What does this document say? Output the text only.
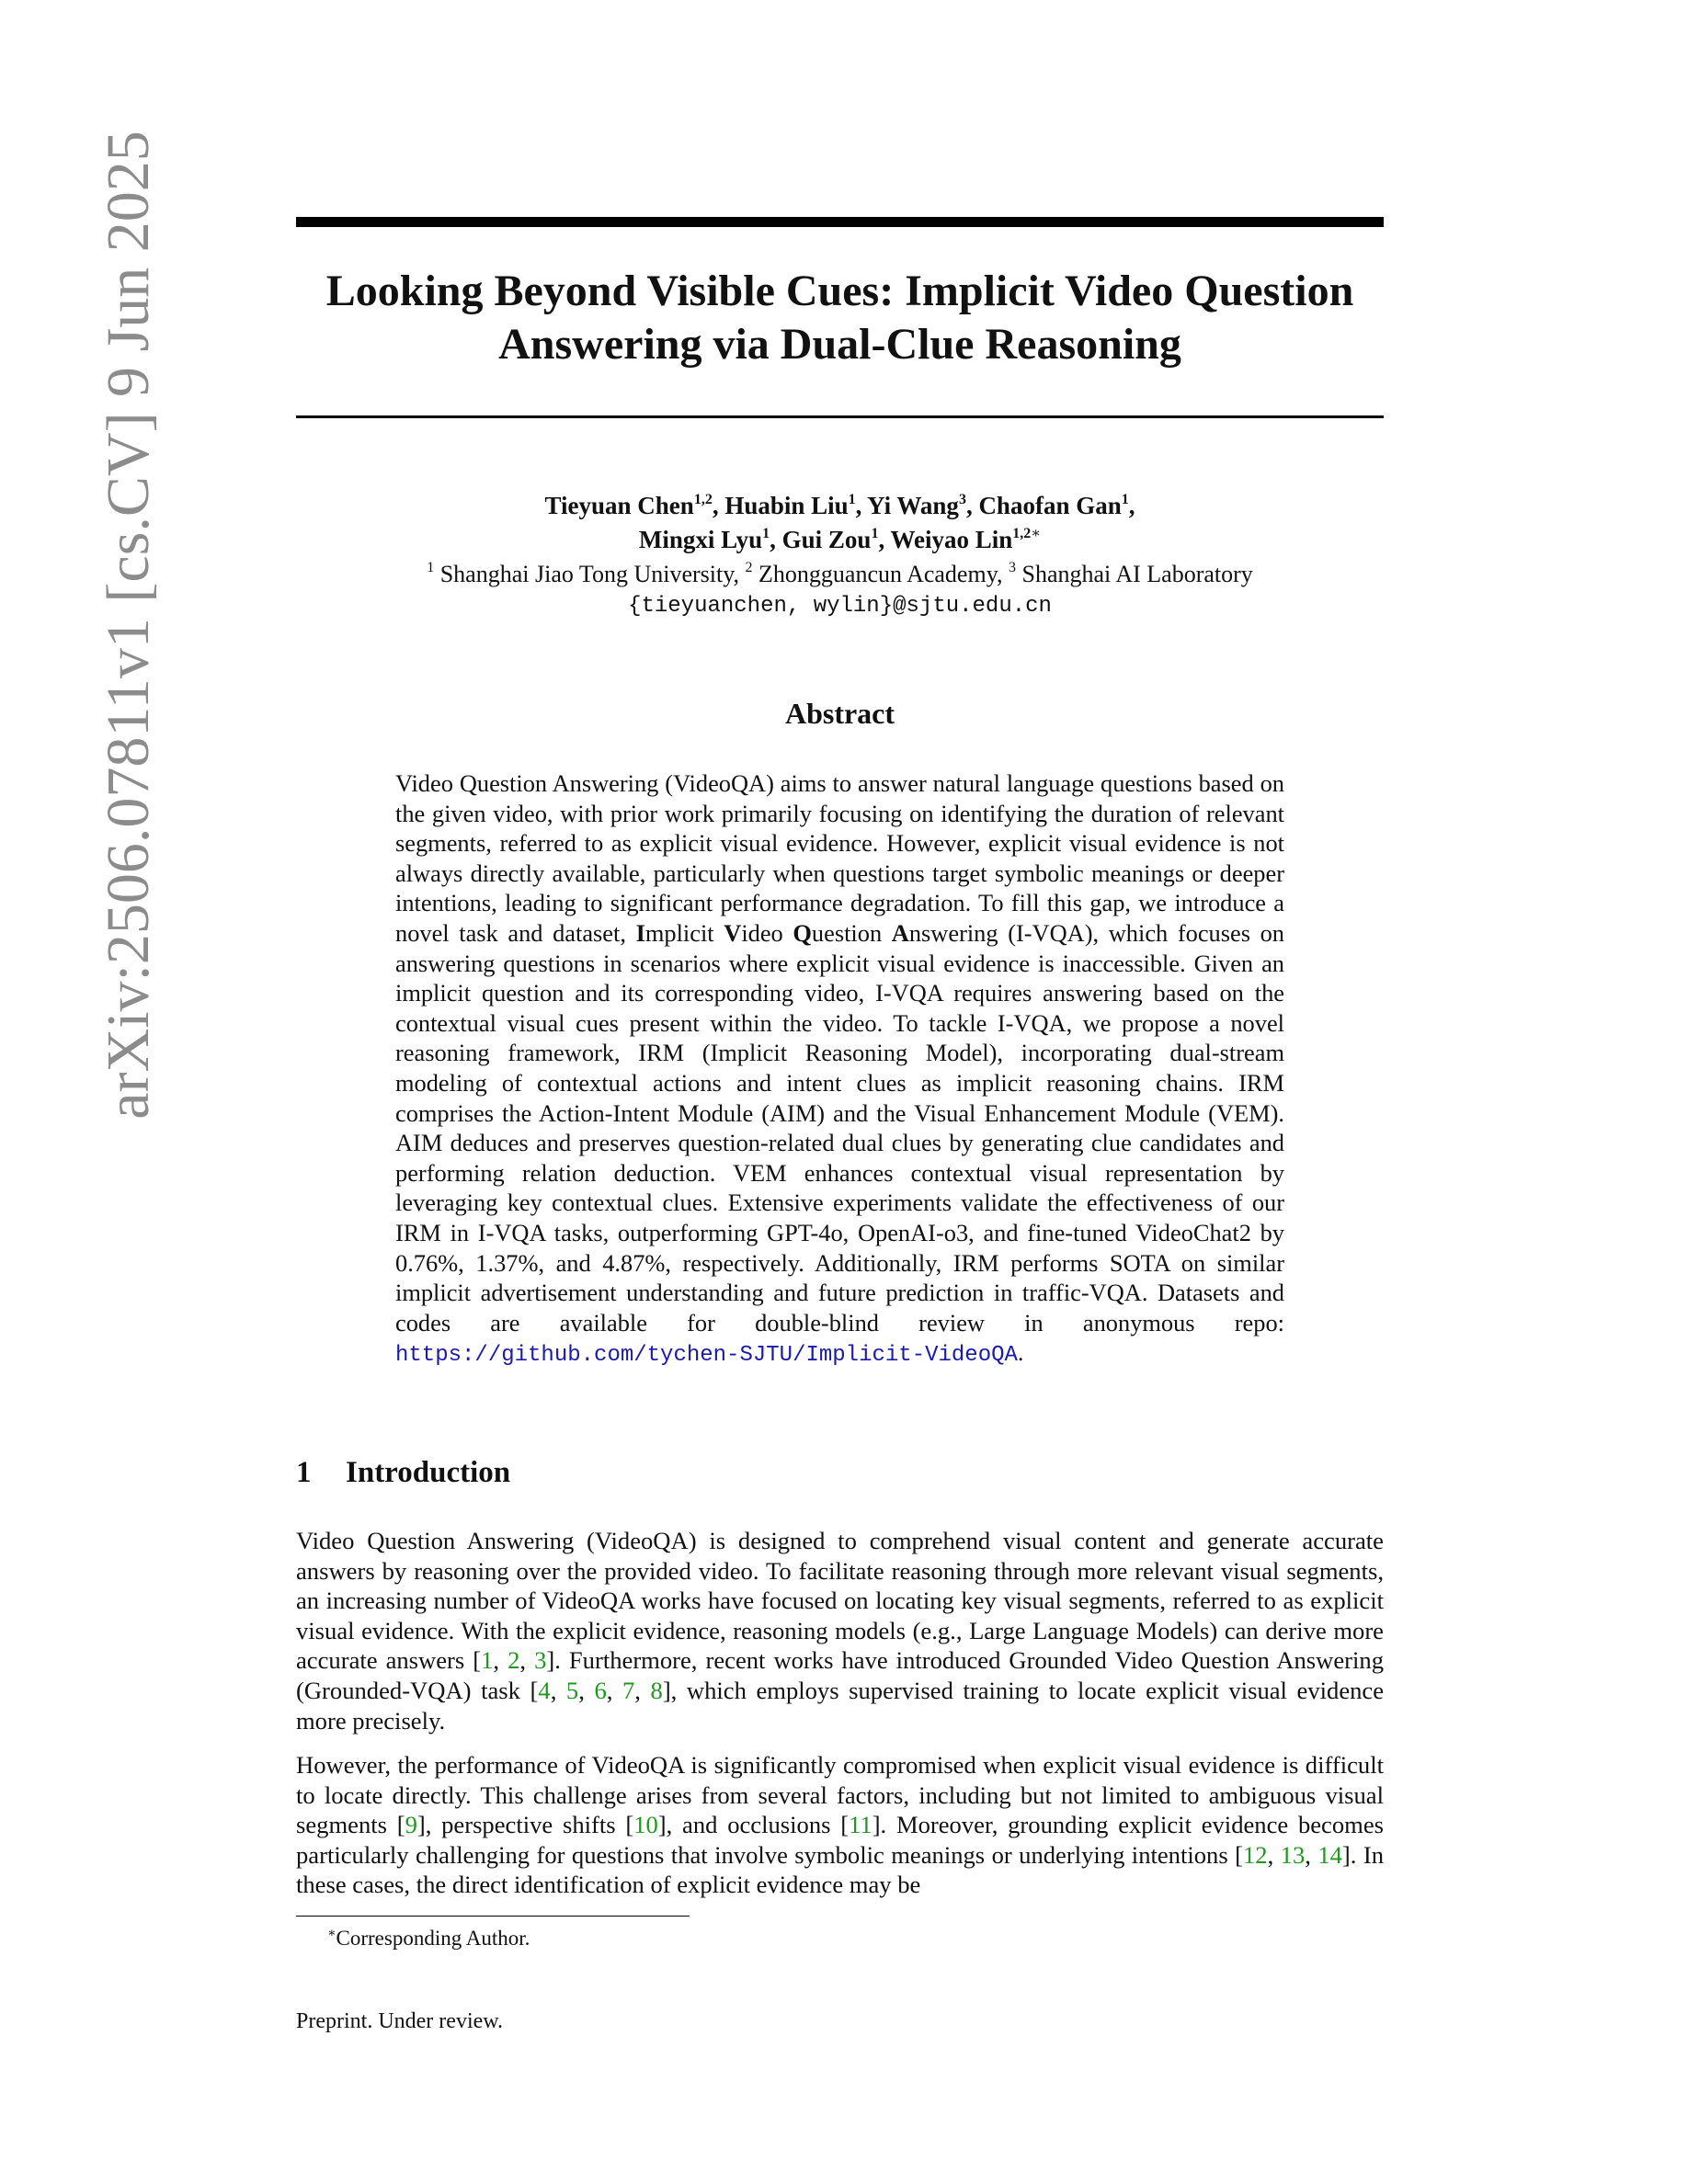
arXiv:2506.07811v1 [cs.CV] 9 Jun 2025	Looking Beyond Visible Cues: Implicit Video Question
Answering via Dual-Clue Reasoning
Tieyuan Chen$^{1,2}$, Huabin Liu$^1$, Yi Wang$^3$, Chaofan Gan$^1$,
Mingxi Lyu$^1$, Gui Zou$^1$, Weiyao Lin$^{1,2∗}$
$^1$ Shanghai Jiao Tong University, $^2$ Zhongguancun Academy, $^3$ Shanghai AI Laboratory
{tieyuanchen, wylin}@sjtu.edu.cn
Abstract

Video Question Answering (VideoQA) aims to answer natural language questions based on the given video, with prior work primarily focusing on identifying the duration of relevant segments, referred to as explicit visual evidence. However, explicit visual evidence is not always directly available, particularly when questions target symbolic meanings or deeper intentions, leading to significant performance degradation. To fill this gap, we introduce a novel task and dataset, Implicit Video Question Answering (I-VQA), which focuses on answering questions in scenarios where explicit visual evidence is inaccessible. Given an implicit question and its corresponding video, I-VQA requires answering based on the contextual visual cues present within the video. To tackle I-VQA, we propose a novel reasoning framework, IRM (Implicit Reasoning Model), incorporating dual-stream modeling of contextual actions and intent clues as implicit reasoning chains. IRM comprises the Action-Intent Module (AIM) and the Visual Enhancement Module (VEM). AIM deduces and preserves question-related dual clues by generating clue candidates and performing relation deduction. VEM enhances contextual visual representation by leveraging key contextual clues. Extensive experiments validate the effectiveness of our IRM in I-VQA tasks, outperforming GPT-4o, OpenAI-o3, and fine-tuned VideoChat2 by 0.76%, 1.37%, and 4.87%, respectively. Additionally, IRM performs SOTA on similar implicit advertisement understanding and future prediction in traffic-VQA. Datasets and codes are available for double-blind review in anonymous repo: https://github.com/tychen-SJTU/Implicit-VideoQA.

1 Introduction

Video Question Answering (VideoQA) is designed to comprehend visual content and generate accurate answers by reasoning over the provided video. To facilitate reasoning through more relevant visual segments, an increasing number of VideoQA works have focused on locating key visual segments, referred to as explicit visual evidence. With the explicit evidence, reasoning models (e.g., Large Language Models) can derive more accurate answers [1, 2, 3]. Furthermore, recent works have introduced Grounded Video Question Answering (Grounded-VQA) task [4, 5, 6, 7, 8], which employs supervised training to locate explicit visual evidence more precisely.

However, the performance of VideoQA is significantly compromised when explicit visual evidence is difficult to locate directly. This challenge arises from several factors, including but not limited to ambiguous visual segments [9], perspective shifts [10], and occlusions [11]. Moreover, grounding explicit evidence becomes particularly challenging for questions that involve symbolic meanings or underlying intentions [12, 13, 14]. In these cases, the direct identification of explicit evidence may be

∗Corresponding Author.
Preprint. Under review.
